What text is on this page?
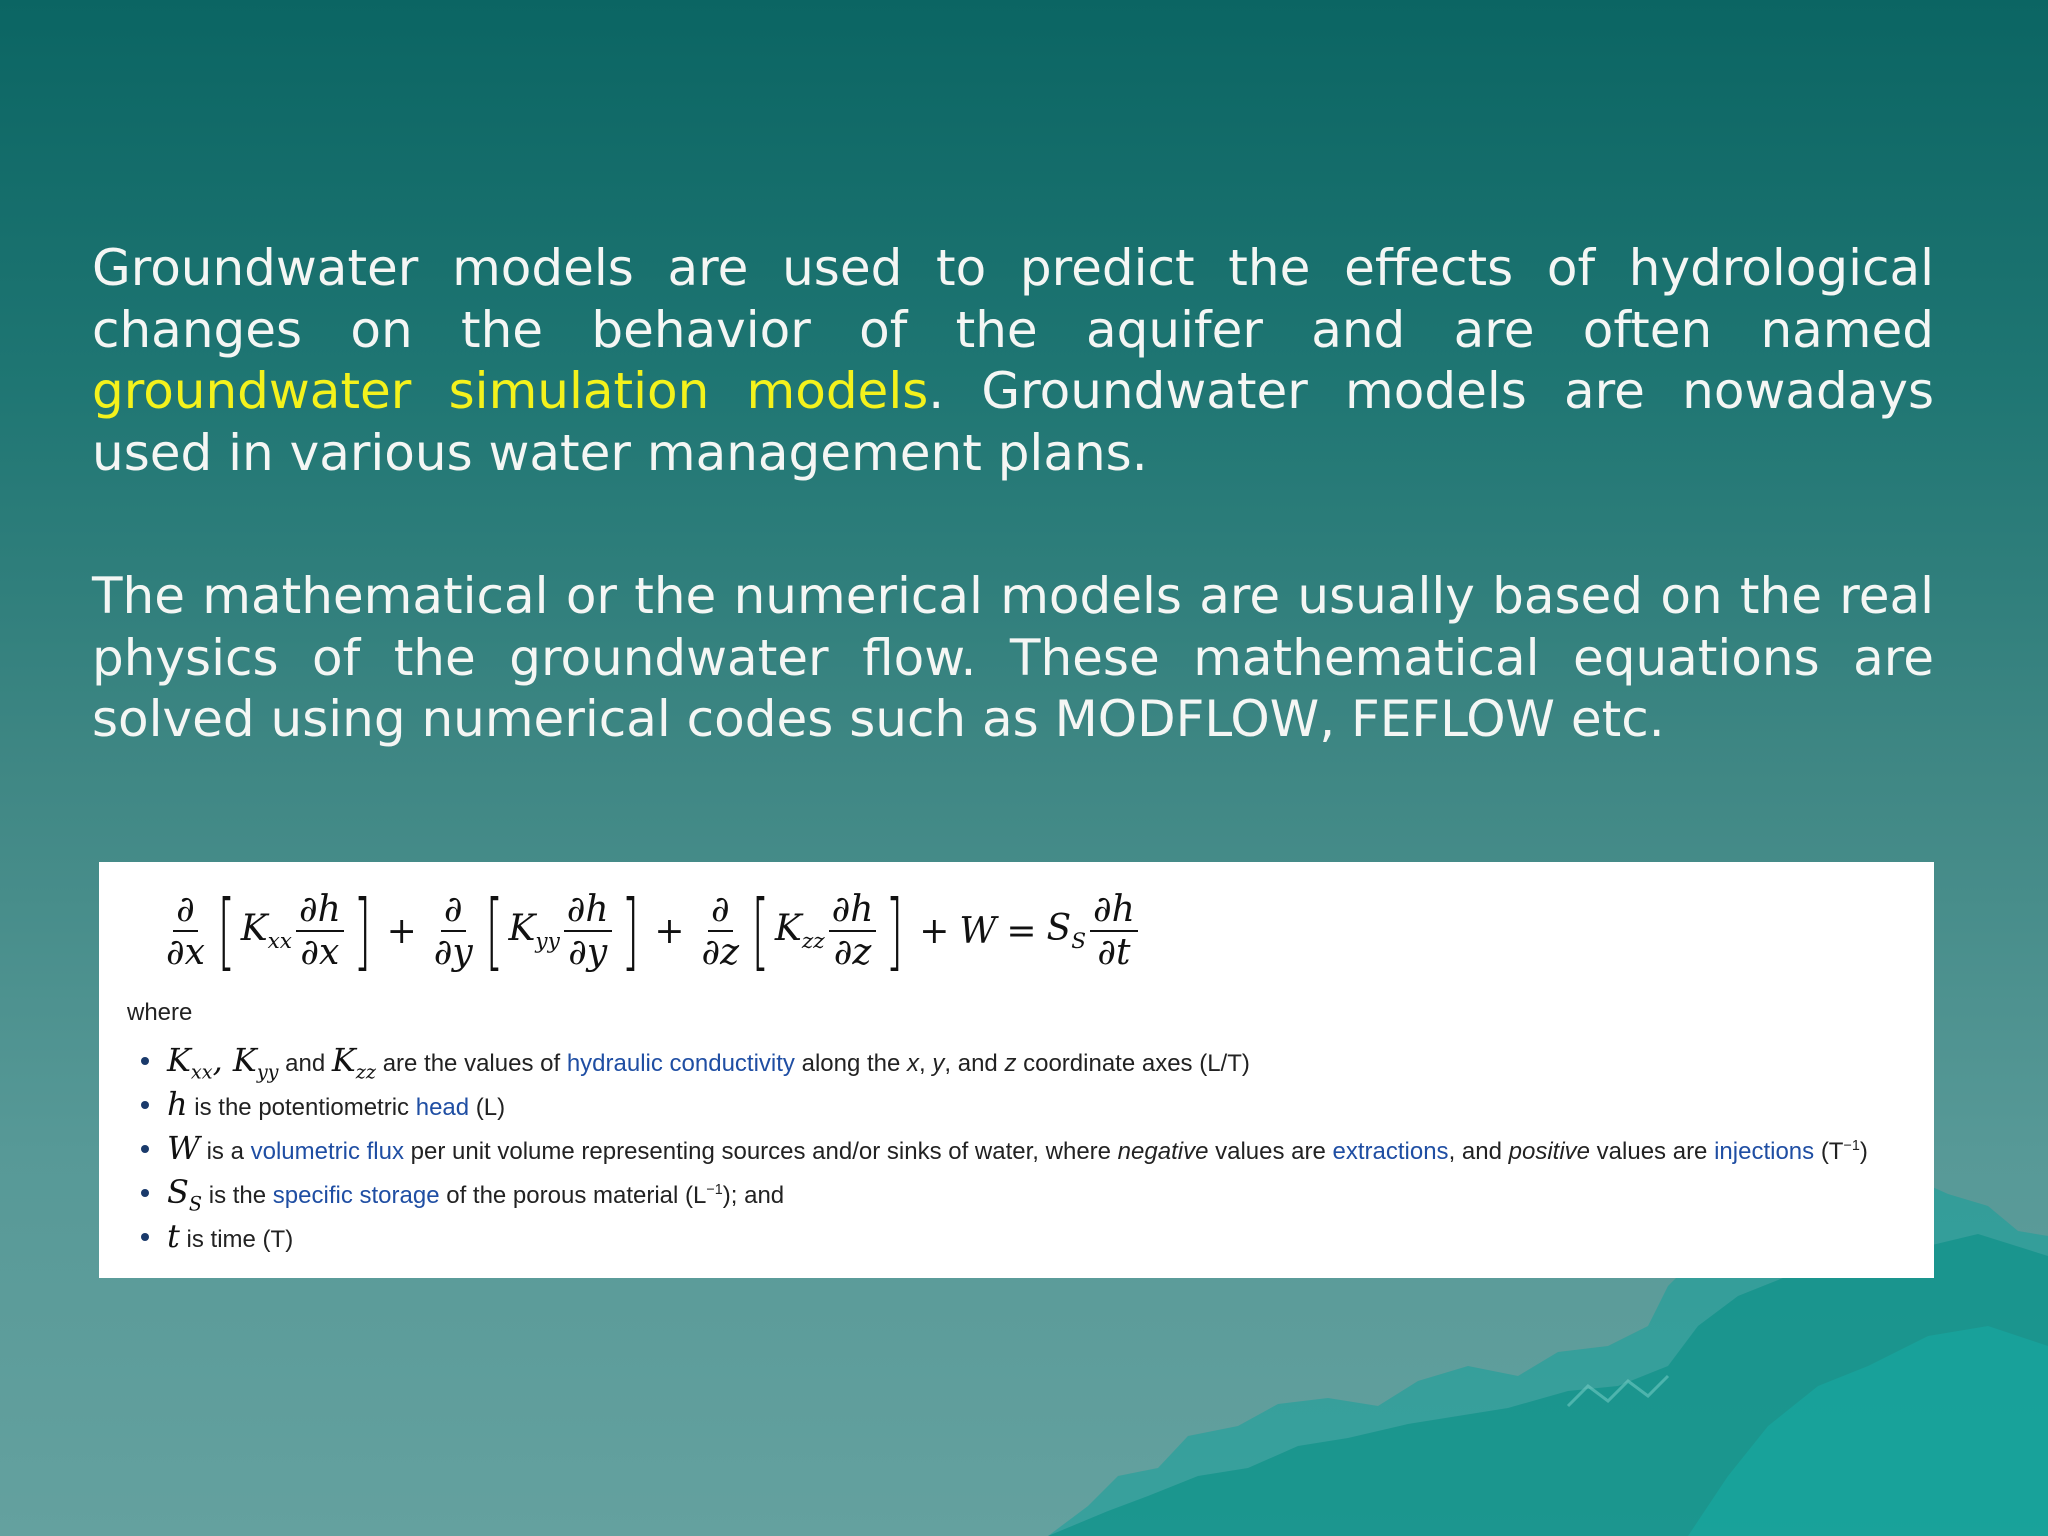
Groundwater models are used to predict the effects of hydrological changes on the behavior of the aquifer and are often named groundwater simulation models. Groundwater models are nowadays used in various water management plans.

The mathematical or the numerical models are usually based on the real physics of the groundwater flow. These mathematical equations are solved using numerical codes such as MODFLOW, FEFLOW etc.

$\frac{\partial}{\partial x}$ [ $K_{xx} \frac{\partial h}{\partial x}$ ] + $\frac{\partial}{\partial y}$ [ $K_{yy} \frac{\partial h}{\partial y}$ ] + $\frac{\partial}{\partial z}$ [ $K_{zz} \frac{\partial h}{\partial z}$ ] + $W = S_S \frac{\partial h}{\partial t}$
where
$K_{xx}$, $K_{yy}$ and $K_{zz}$ are the values of hydraulic conductivity along the x, y, and z coordinate axes (L/T)
h is the potentiometric head (L)
W is a volumetric flux per unit volume representing sources and/or sinks of water, where negative values are extractions, and positive values are injections $(T^{-1})$
$S_S$ is the specific storage of the porous material $(L^{-1})$; and
t is time (T)
